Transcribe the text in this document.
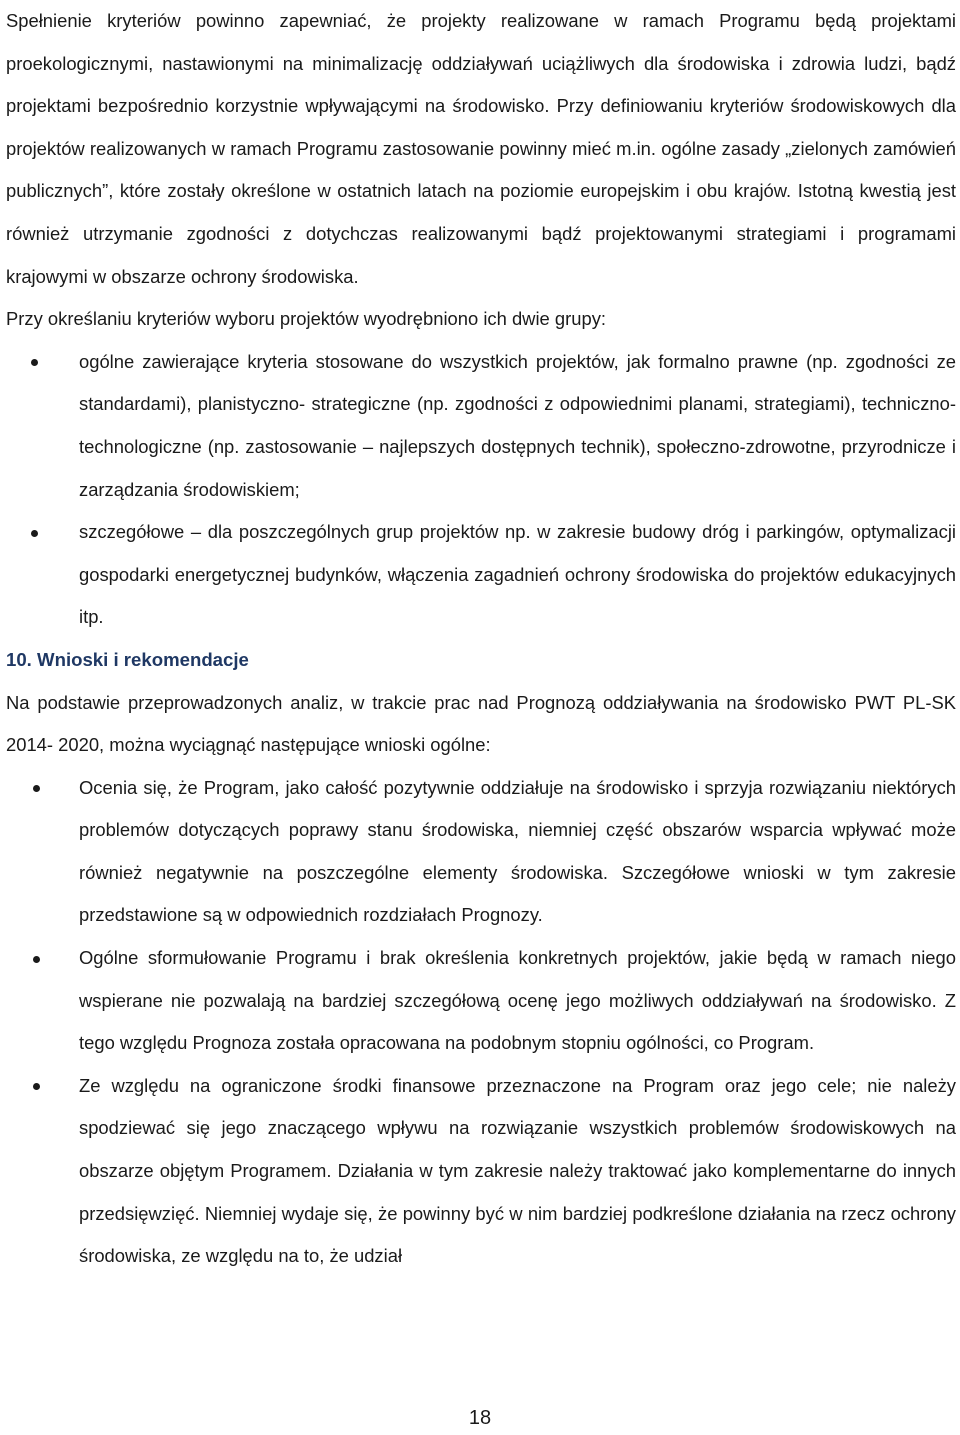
Spełnienie kryteriów powinno zapewniać, że projekty realizowane w ramach Programu będą projektami proekologicznymi, nastawionymi na minimalizację oddziaływań uciążliwych dla środowiska i zdrowia ludzi, bądź projektami bezpośrednio korzystnie wpływającymi na środowisko. Przy definiowaniu kryteriów środowiskowych dla projektów realizowanych w ramach Programu zastosowanie powinny mieć m.in. ogólne zasady „zielonych zamówień publicznych”, które zostały określone w ostatnich latach na poziomie europejskim i obu krajów. Istotną kwestią jest również utrzymanie zgodności z dotychczas realizowanymi bądź projektowanymi strategiami i programami krajowymi w obszarze ochrony środowiska.

Przy określaniu kryteriów wyboru projektów wyodrębniono ich dwie grupy:

ogólne zawierające kryteria stosowane do wszystkich projektów, jak formalno prawne (np. zgodności ze standardami), planistyczno- strategiczne (np. zgodności z odpowiednimi planami, strategiami), techniczno-technologiczne (np. zastosowanie – najlepszych dostępnych technik), społeczno-zdrowotne, przyrodnicze i zarządzania środowiskiem;
szczegółowe – dla poszczególnych grup projektów np. w zakresie budowy dróg i parkingów, optymalizacji gospodarki energetycznej budynków, włączenia zagadnień ochrony środowiska do projektów edukacyjnych itp.
10. Wnioski i rekomendacje

Na podstawie przeprowadzonych analiz, w trakcie prac nad Prognozą oddziaływania na środowisko PWT PL-SK 2014- 2020, można wyciągnąć następujące wnioski ogólne:

Ocenia się, że Program, jako całość pozytywnie oddziałuje na środowisko i sprzyja rozwiązaniu niektórych problemów dotyczących poprawy stanu środowiska, niemniej część obszarów wsparcia wpływać może również negatywnie na poszczególne elementy środowiska. Szczegółowe wnioski w tym zakresie przedstawione są w odpowiednich rozdziałach Prognozy.
Ogólne sformułowanie Programu i brak określenia konkretnych projektów, jakie będą w ramach niego wspierane nie pozwalają na bardziej szczegółową ocenę jego możliwych oddziaływań na środowisko. Z tego względu Prognoza została opracowana na podobnym stopniu ogólności, co Program.
Ze względu na ograniczone środki finansowe przeznaczone na Program oraz jego cele; nie należy spodziewać się jego znaczącego wpływu na rozwiązanie wszystkich problemów środowiskowych na obszarze objętym Programem. Działania w tym zakresie należy traktować jako komplementarne do innych przedsięwzięć. Niemniej wydaje się, że powinny być w nim bardziej podkreślone działania na rzecz ochrony środowiska, ze względu na to, że udział
18
